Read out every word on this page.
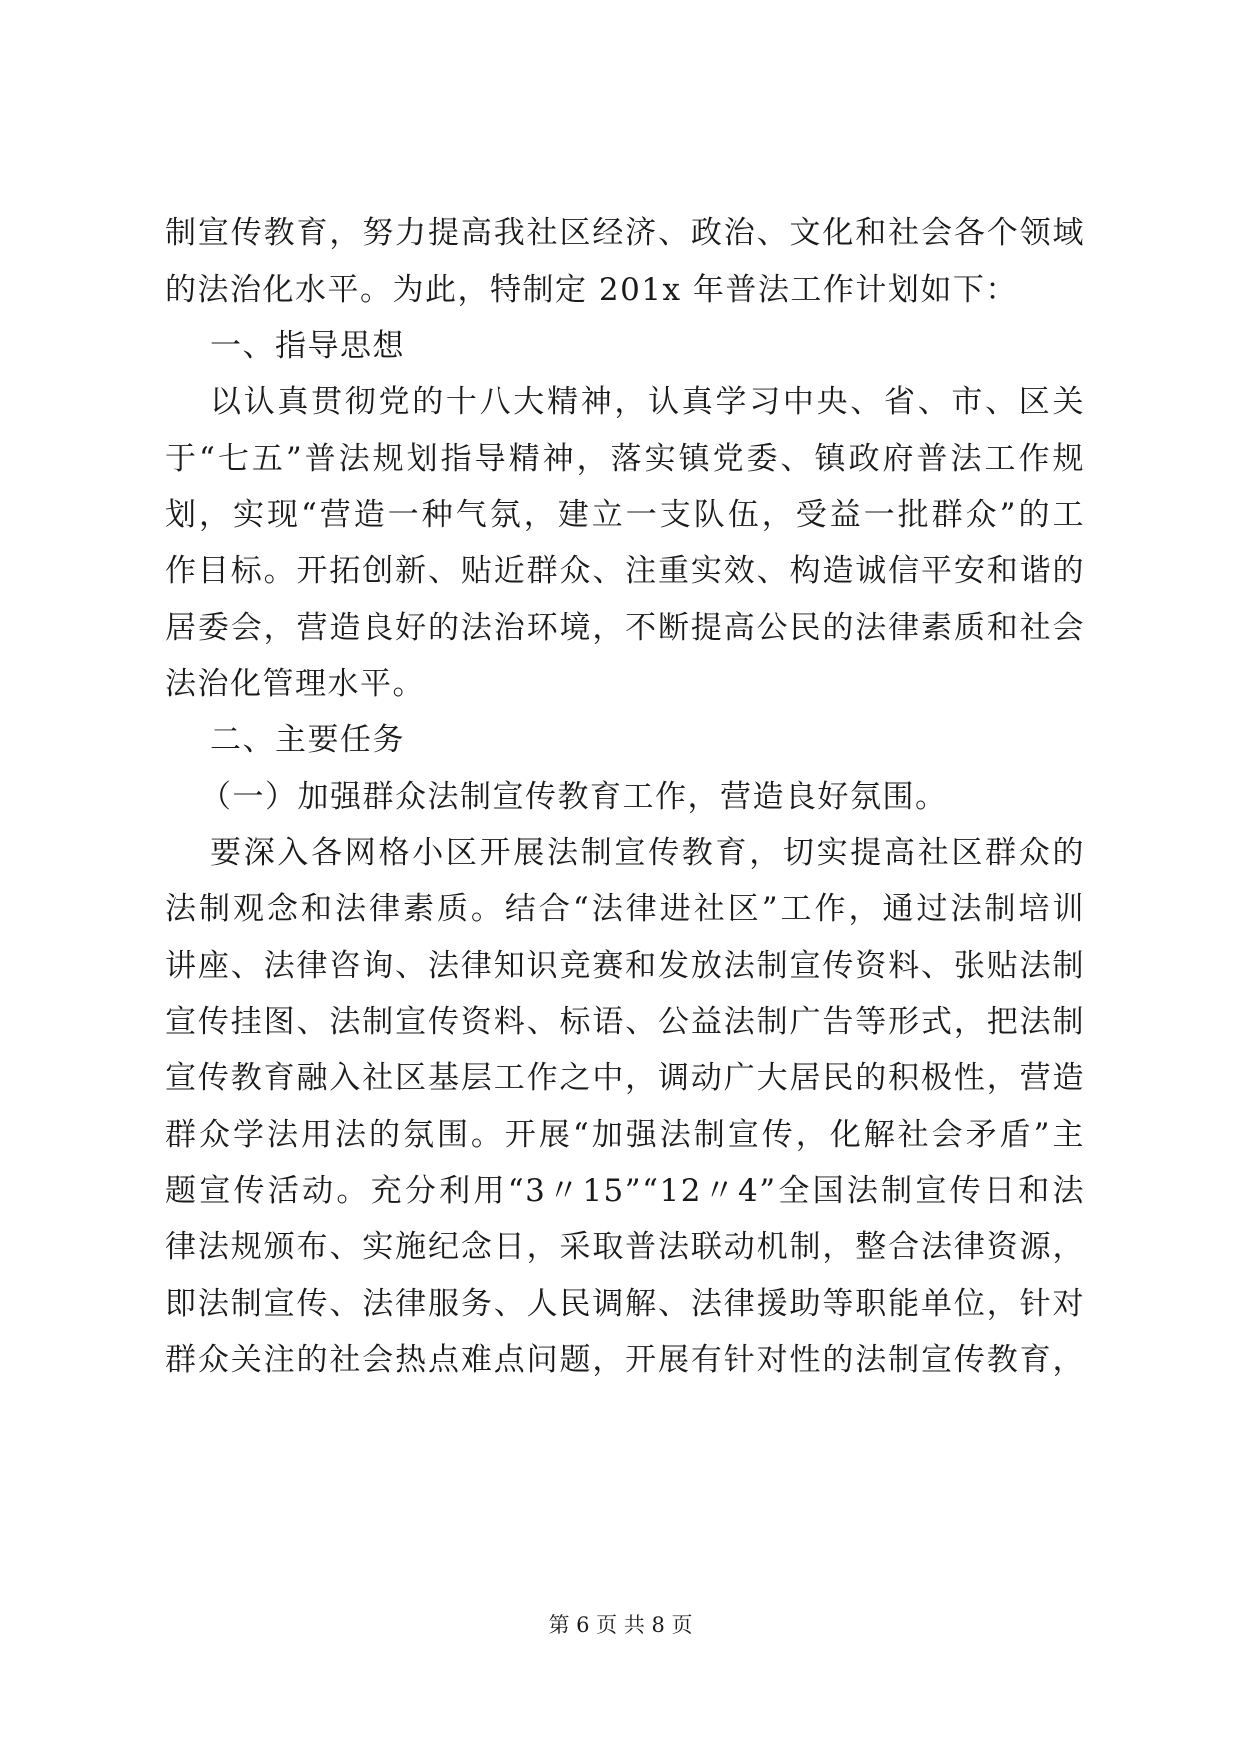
制宣传教育，努力提高我社区经济、政治、文化和社会各个领域
的法治化水平。为此，特制定 201x 年普法工作计划如下：
一、指导思想
以认真贯彻党的十八大精神，认真学习中央、省、市、区关
于“七五”普法规划指导精神，落实镇党委、镇政府普法工作规
划，实现“营造一种气氛，建立一支队伍，受益一批群众”的工
作目标。开拓创新、贴近群众、注重实效、构造诚信平安和谐的
居委会，营造良好的法治环境，不断提高公民的法律素质和社会
法治化管理水平。
二、主要任务
（一）加强群众法制宣传教育工作，营造良好氛围。
要深入各网格小区开展法制宣传教育，切实提高社区群众的
法制观念和法律素质。结合“法律进社区”工作，通过法制培训
讲座、法律咨询、法律知识竞赛和发放法制宣传资料、张贴法制
宣传挂图、法制宣传资料、标语、公益法制广告等形式，把法制
宣传教育融入社区基层工作之中，调动广大居民的积极性，营造
群众学法用法的氛围。开展“加强法制宣传，化解社会矛盾”主
题宣传活动。充分利用“3〃15”“12〃4”全国法制宣传日和法
律法规颁布、实施纪念日，采取普法联动机制，整合法律资源，
即法制宣传、法律服务、人民调解、法律援助等职能单位，针对
群众关注的社会热点难点问题，开展有针对性的法制宣传教育，
第 6 页 共 8 页
